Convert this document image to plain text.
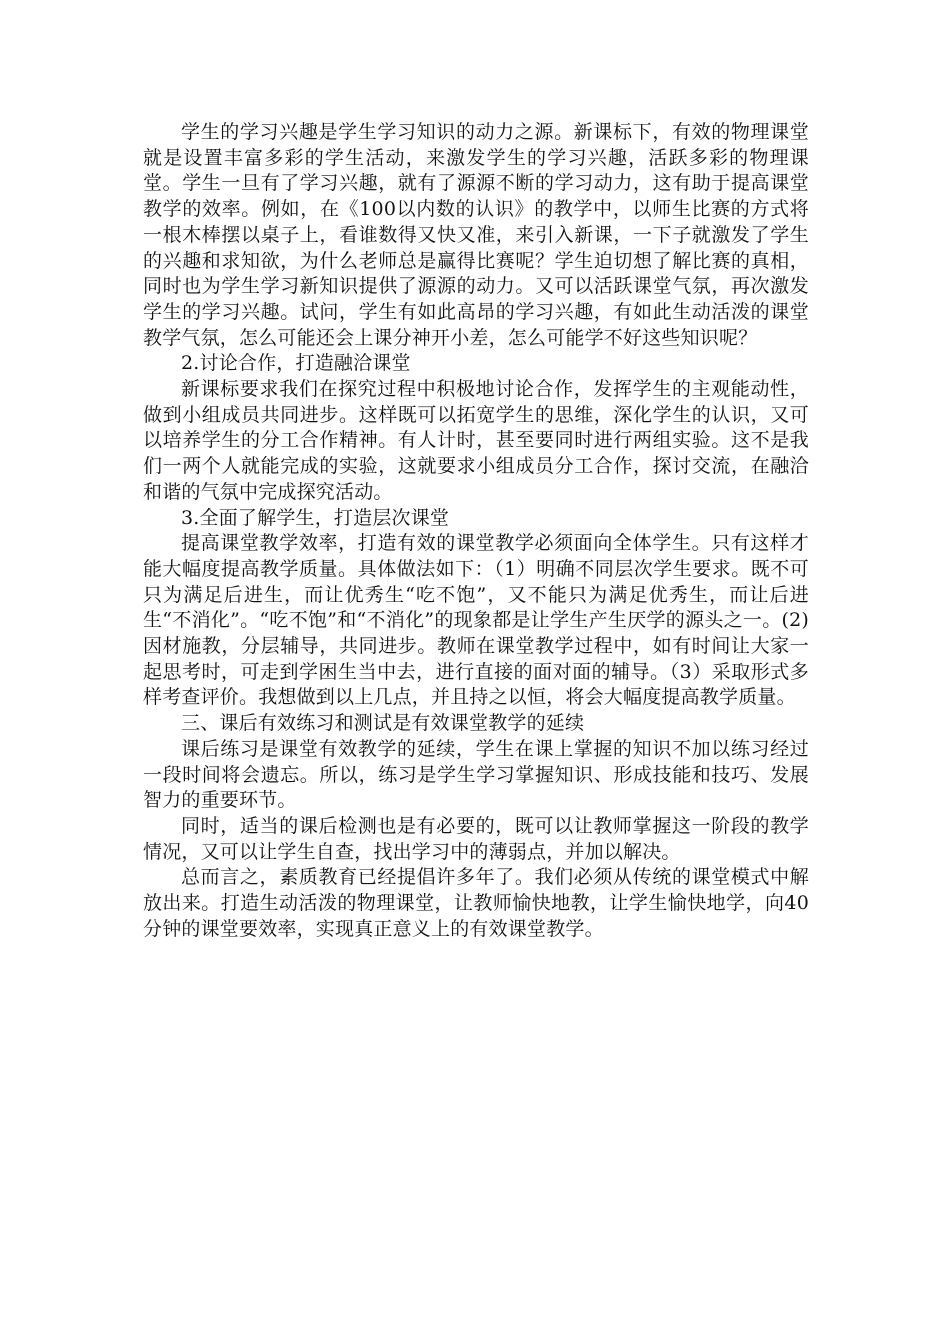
学生的学习兴趣是学生学习知识的动力之源。新课标下，有效的物理课堂就是设置丰富多彩的学生活动，来激发学生的学习兴趣，活跃多彩的物理课堂。学生一旦有了学习兴趣，就有了源源不断的学习动力，这有助于提高课堂教学的效率。例如，在《100以内数的认识》的教学中，以师生比赛的方式将一根木棒摆以桌子上，看谁数得又快又准，来引入新课，一下子就激发了学生的兴趣和求知欲，为什么老师总是赢得比赛呢？学生迫切想了解比赛的真相，同时也为学生学习新知识提供了源源的动力。又可以活跃课堂气氛，再次激发学生的学习兴趣。试问，学生有如此高昂的学习兴趣，有如此生动活泼的课堂教学气氛，怎么可能还会上课分神开小差，怎么可能学不好这些知识呢？

2.讨论合作，打造融洽课堂

新课标要求我们在探究过程中积极地讨论合作，发挥学生的主观能动性，做到小组成员共同进步。这样既可以拓宽学生的思维，深化学生的认识，又可以培养学生的分工合作精神。有人计时，甚至要同时进行两组实验。这不是我们一两个人就能完成的实验，这就要求小组成员分工合作，探讨交流，在融洽和谐的气氛中完成探究活动。

3.全面了解学生，打造层次课堂

提高课堂教学效率，打造有效的课堂教学必须面向全体学生。只有这样才能大幅度提高教学质量。具体做法如下：（1）明确不同层次学生要求。既不可只为满足后进生，而让优秀生“吃不饱”，又不能只为满足优秀生，而让后进生“不消化”。“吃不饱”和“不消化”的现象都是让学生产生厌学的源头之一。(2)因材施教，分层辅导，共同进步。教师在课堂教学过程中，如有时间让大家一起思考时，可走到学困生当中去，进行直接的面对面的辅导。（3）采取形式多样考查评价。我想做到以上几点，并且持之以恒，将会大幅度提高教学质量。

三、课后有效练习和测试是有效课堂教学的延续

课后练习是课堂有效教学的延续，学生在课上掌握的知识不加以练习经过一段时间将会遗忘。所以，练习是学生学习掌握知识、形成技能和技巧、发展智力的重要环节。

同时，适当的课后检测也是有必要的，既可以让教师掌握这一阶段的教学情况，又可以让学生自查，找出学习中的薄弱点，并加以解决。

总而言之，素质教育已经提倡许多年了。我们必须从传统的课堂模式中解放出来。打造生动活泼的物理课堂，让教师愉快地教，让学生愉快地学，向40分钟的课堂要效率，实现真正意义上的有效课堂教学。
